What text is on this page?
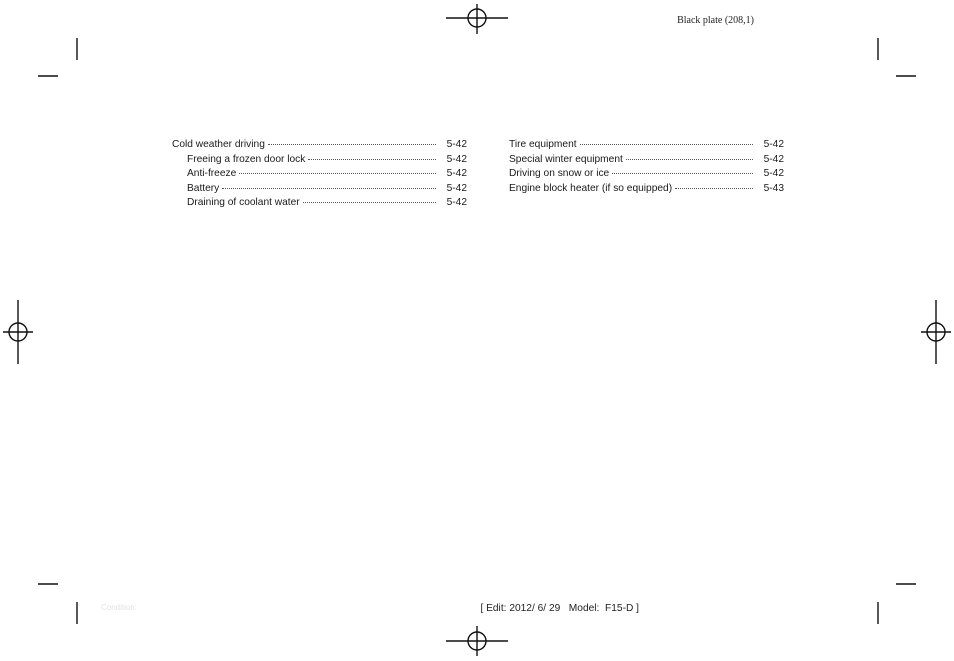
Black plate (208,1)
Cold weather driving	5-42
Freeing a frozen door lock	5-42
Anti-freeze	5-42
Battery	5-42
Draining of coolant water	5-42
Tire equipment	5-42
Special winter equipment	5-42
Driving on snow or ice	5-42
Engine block heater (if so equipped)	5-43
Condition:	[ Edit: 2012/ 6/ 29   Model:  F15-D ]
